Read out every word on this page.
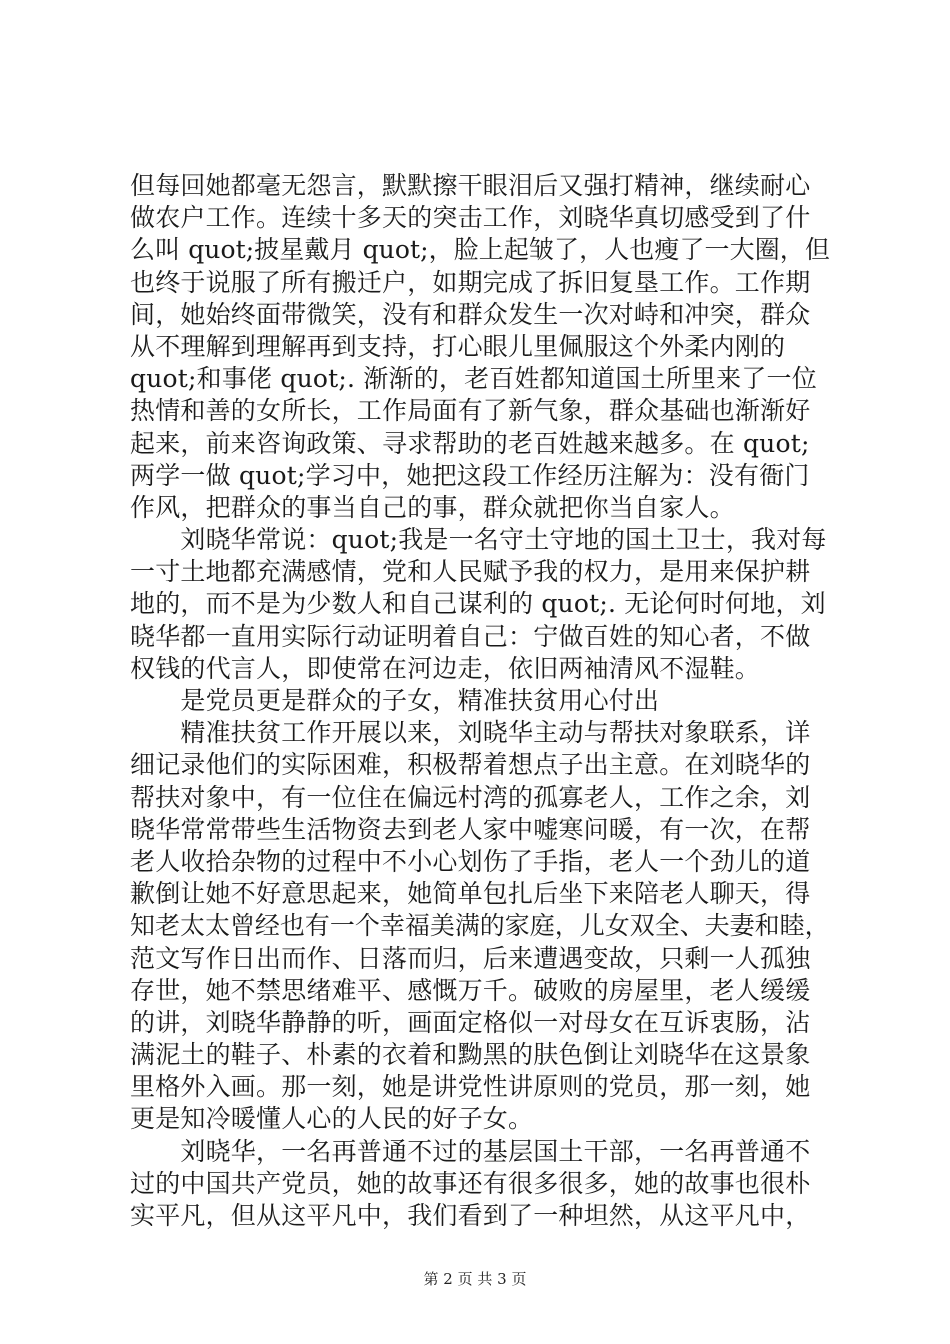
但每回她都毫无怨言，默默擦干眼泪后又强打精神，继续耐心
做农户工作。连续十多天的突击工作，刘晓华真切感受到了什
么叫 quot;披星戴月 quot;，脸上起皱了，人也瘦了一大圈，但
也终于说服了所有搬迁户，如期完成了拆旧复垦工作。工作期
间，她始终面带微笑，没有和群众发生一次对峙和冲突，群众
从不理解到理解再到支持，打心眼儿里佩服这个外柔内刚的
quot;和事佬 quot;. 渐渐的，老百姓都知道国土所里来了一位
热情和善的女所长，工作局面有了新气象，群众基础也渐渐好
起来，前来咨询政策、寻求帮助的老百姓越来越多。在 quot;
两学一做 quot;学习中，她把这段工作经历注解为：没有衙门
作风，把群众的事当自己的事，群众就把你当自家人。
　　刘晓华常说：quot;我是一名守土守地的国土卫士，我对每
一寸土地都充满感情，党和人民赋予我的权力，是用来保护耕
地的，而不是为少数人和自己谋利的 quot;. 无论何时何地，刘
晓华都一直用实际行动证明着自己：宁做百姓的知心者，不做
权钱的代言人，即使常在河边走，依旧两袖清风不湿鞋。
　　是党员更是群众的子女，精准扶贫用心付出
　　精准扶贫工作开展以来，刘晓华主动与帮扶对象联系，详
细记录他们的实际困难，积极帮着想点子出主意。在刘晓华的
帮扶对象中，有一位住在偏远村湾的孤寡老人，工作之余，刘
晓华常常带些生活物资去到老人家中嘘寒问暖，有一次，在帮
老人收拾杂物的过程中不小心划伤了手指，老人一个劲儿的道
歉倒让她不好意思起来，她简单包扎后坐下来陪老人聊天，得
知老太太曾经也有一个幸福美满的家庭，儿女双全、夫妻和睦，
范文写作日出而作、日落而归，后来遭遇变故，只剩一人孤独
存世，她不禁思绪难平、感慨万千。破败的房屋里，老人缓缓
的讲，刘晓华静静的听，画面定格似一对母女在互诉衷肠，沾
满泥土的鞋子、朴素的衣着和黝黑的肤色倒让刘晓华在这景象
里格外入画。那一刻，她是讲党性讲原则的党员，那一刻，她
更是知冷暖懂人心的人民的好子女。
　　刘晓华，一名再普通不过的基层国土干部，一名再普通不
过的中国共产党员，她的故事还有很多很多，她的故事也很朴
实平凡，但从这平凡中，我们看到了一种坦然，从这平凡中，
第 2 页 共 3 页
